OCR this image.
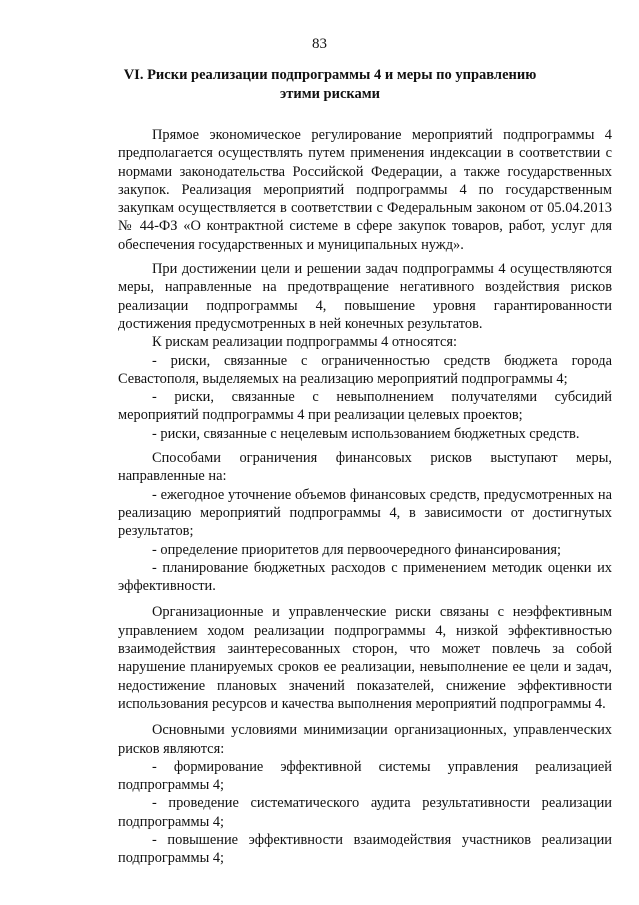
83
VI. Риски реализации подпрограммы 4 и меры по управлению
этими рисками

Прямое экономическое регулирование мероприятий подпрограммы 4 предполагается осуществлять путем применения индексации в соответствии с нормами законодательства Российской Федерации, а также государственных закупок. Реализация мероприятий подпрограммы 4 по государственным закупкам осуществляется в соответствии с Федеральным законом от 05.04.2013 № 44-ФЗ «О контрактной системе в сфере закупок товаров, работ, услуг для обеспечения государственных и муниципальных нужд».

При достижении цели и решении задач подпрограммы 4 осуществляются меры, направленные на предотвращение негативного воздействия рисков реализации подпрограммы 4, повышение уровня гарантированности достижения предусмотренных в ней конечных результатов.

К рискам реализации подпрограммы 4 относятся:

- риски, связанные с ограниченностью средств бюджета города Севастополя, выделяемых на реализацию мероприятий подпрограммы 4;

- риски, связанные с невыполнением получателями субсидий мероприятий подпрограммы 4 при реализации целевых проектов;

- риски, связанные с нецелевым использованием бюджетных средств.

Способами ограничения финансовых рисков выступают меры, направленные на:

- ежегодное уточнение объемов финансовых средств, предусмотренных на реализацию мероприятий подпрограммы 4, в зависимости от достигнутых результатов;

- определение приоритетов для первоочередного финансирования;

- планирование бюджетных расходов с применением методик оценки их эффективности.

Организационные и управленческие риски связаны с неэффективным управлением ходом реализации подпрограммы 4, низкой эффективностью взаимодействия заинтересованных сторон, что может повлечь за собой нарушение планируемых сроков ее реализации, невыполнение ее цели и задач, недостижение плановых значений показателей, снижение эффективности использования ресурсов и качества выполнения мероприятий подпрограммы 4.

Основными условиями минимизации организационных, управленческих рисков являются:

- формирование эффективной системы управления реализацией подпрограммы 4;

- проведение систематического аудита результативности реализации подпрограммы 4;

- повышение эффективности взаимодействия участников реализации подпрограммы 4;
